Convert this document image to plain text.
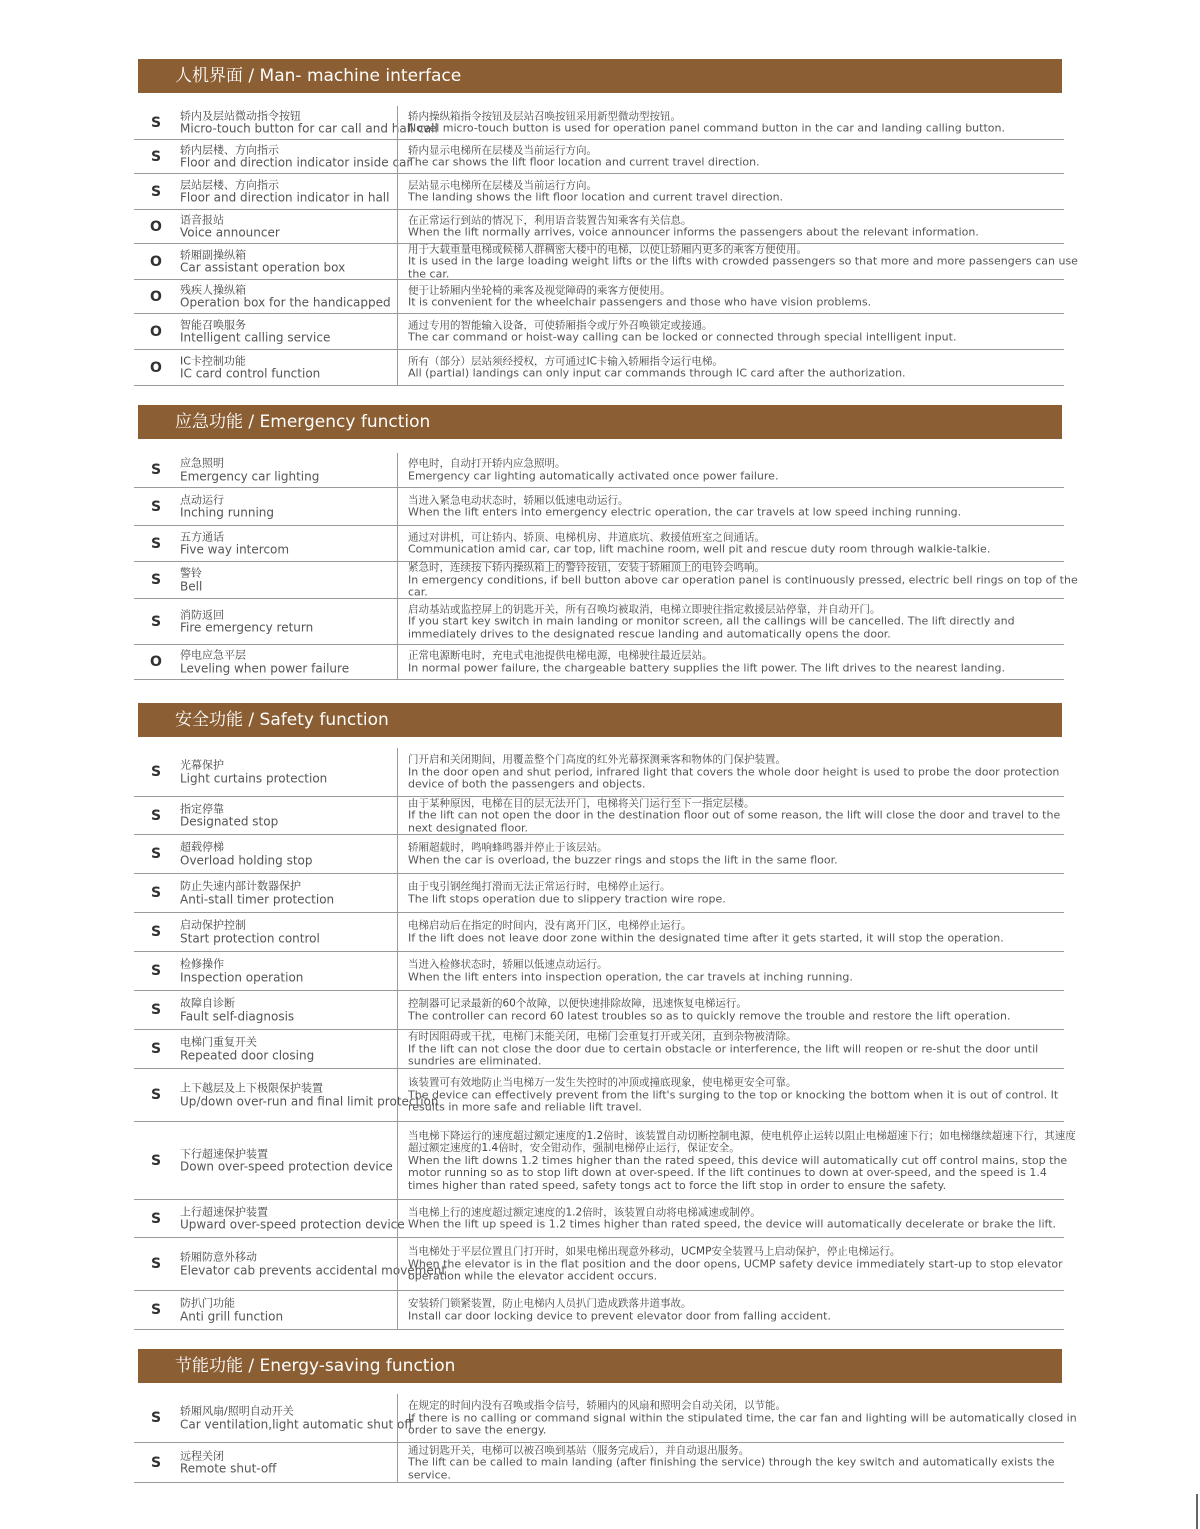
人机界面 / Man- machine interface
S 轿内及层站微动指令按钮
Micro-touch button for car call and hall call
轿内操纵箱指令按钮及层站召唤按钮采用新型微动型按钮。
Novel micro-touch button is used for operation panel command button in the car and landing calling button.
S 轿内层楼、方向指示
Floor and direction indicator inside car
轿内显示电梯所在层楼及当前运行方向。
The car shows the lift floor location and current travel direction.
S 层站层楼、方向指示
Floor and direction indicator in hall
层站显示电梯所在层楼及当前运行方向。
The landing shows the lift floor location and current travel direction.
O 语音报站
Voice announcer
在正常运行到站的情况下，利用语音装置告知乘客有关信息。
When the lift normally arrives, voice announcer informs the passengers about the relevant information.
O 轿厢副操纵箱
Car assistant operation box
用于大载重量电梯或候梯人群稠密大楼中的电梯，以使让轿厢内更多的乘客方便使用。
It is used in the large loading weight lifts or the lifts with crowded passengers so that more and more passengers can use the car.
O 残疾人操纵箱
Operation box for the handicapped
便于让轿厢内坐轮椅的乘客及视觉障碍的乘客方便使用。
It is convenient for the wheelchair passengers and those who have vision problems.
O 智能召唤服务
Intelligent calling service
通过专用的智能输入设备，可使轿厢指令或厅外召唤锁定或接通。
The car command or hoist-way calling can be locked or connected through special intelligent input.
O IC卡控制功能
IC card control function
所有（部分）层站须经授权，方可通过IC卡输入轿厢指令运行电梯。
All (partial) landings can only input car commands through IC card after the authorization.
应急功能 / Emergency function
S 应急照明
Emergency car lighting
停电时，自动打开轿内应急照明。
Emergency car lighting automatically activated once power failure.
S 点动运行
Inching running
当进入紧急电动状态时，轿厢以低速电动运行。
When the lift enters into emergency electric operation, the car travels at low speed inching running.
S 五方通话
Five way intercom
通过对讲机，可让轿内、轿顶、电梯机房、井道底坑、救援值班室之间通话。
Communication amid car, car top, lift machine room, well pit and rescue duty room through walkie-talkie.
S 警铃
Bell
紧急时，连续按下轿内操纵箱上的警铃按钮，安装于轿厢顶上的电铃会鸣响。
In emergency conditions, if bell button above car operation panel is continuously pressed, electric bell rings on top of the car.
S 消防返回
Fire emergency return
启动基站或监控屏上的钥匙开关，所有召唤均被取消，电梯立即驶往指定救援层站停靠，并自动开门。
If you start key switch in main landing or monitor screen, all the callings will be cancelled. The lift directly and immediately drives to the designated rescue landing and automatically opens the door.
O 停电应急平层
Leveling when power failure
正常电源断电时，充电式电池提供电梯电源，电梯驶往最近层站。
In normal power failure, the chargeable battery supplies the lift power. The lift drives to the nearest landing.
安全功能 / Safety function
S 光幕保护
Light curtains protection
门开启和关闭期间，用覆盖整个门高度的红外光幕探测乘客和物体的门保护装置。
In the door open and shut period, infrared light that covers the whole door height is used to probe the door protection device of both the passengers and objects.
S 指定停靠
Designated stop
由于某种原因，电梯在目的层无法开门，电梯将关门运行至下一指定层楼。
If the lift can not open the door in the destination floor out of some reason, the lift will close the door and travel to the next designated floor.
S 超载停梯
Overload holding stop
轿厢超载时，鸣响蜂鸣器并停止于该层站。
When the car is overload, the buzzer rings and stops the lift in the same floor.
S 防止失速内部计数器保护
Anti-stall timer protection
由于曳引钢丝绳打滑而无法正常运行时，电梯停止运行。
The lift stops operation due to slippery traction wire rope.
S 启动保护控制
Start protection control
电梯启动后在指定的时间内，没有离开门区，电梯停止运行。
If the lift does not leave door zone within the designated time after it gets started, it will stop the operation.
S 检修操作
Inspection operation
当进入检修状态时，轿厢以低速点动运行。
When the lift enters into inspection operation, the car travels at inching running.
S 故障自诊断
Fault self-diagnosis
控制器可记录最新的60个故障，以便快速排除故障，迅速恢复电梯运行。
The controller can record 60 latest troubles so as to quickly remove the trouble and restore the lift operation.
S 电梯门重复开关
Repeated door closing
有时因阻碍或干扰，电梯门未能关闭，电梯门会重复打开或关闭，直到杂物被清除。
If the lift can not close the door due to certain obstacle or interference, the lift will reopen or re-shut the door until sundries are eliminated.
S 上下越层及上下极限保护装置
Up/down over-run and final limit protection
该装置可有效地防止当电梯万一发生失控时的冲顶或撞底现象，使电梯更安全可靠。
The device can effectively prevent from the lift's surging to the top or knocking the bottom when it is out of control. It results in more safe and reliable lift travel.
S 下行超速保护装置
Down over-speed protection device
当电梯下降运行的速度超过额定速度的1.2倍时，该装置自动切断控制电源，使电机停止运转以阻止电梯超速下行；如电梯继续超速下行，其速度超过额定速度的1.4倍时，安全钳动作，强制电梯停止运行，保证安全。
When the lift downs 1.2 times higher than the rated speed, this device will automatically cut off control mains, stop the motor running so as to stop lift down at over-speed. If the lift continues to down at over-speed, and the speed is 1.4 times higher than rated speed, safety tongs act to force the lift stop in order to ensure the safety.
S 上行超速保护装置
Upward over-speed protection device
当电梯上行的速度超过额定速度的1.2倍时，该装置自动将电梯减速或制停。
When the lift up speed is 1.2 times higher than rated speed, the device will automatically decelerate or brake the lift.
S 轿厢防意外移动
Elevator cab prevents accidental movement
当电梯处于平层位置且门打开时，如果电梯出现意外移动，UCMP安全装置马上启动保护，停止电梯运行。
When the elevator is in the flat position and the door opens, UCMP safety device immediately start-up to stop elevator operation while the elevator accident occurs.
S 防扒门功能
Anti grill function
安装轿门锁紧装置，防止电梯内人员扒门造成跌落井道事故。
Install car door locking device to prevent elevator door from falling accident.
节能功能 / Energy-saving function
S 轿厢风扇/照明自动开关
Car ventilation,light automatic shut off
在规定的时间内没有召唤或指令信号，轿厢内的风扇和照明会自动关闭，以节能。
If there is no calling or command signal within the stipulated time, the car fan and lighting will be automatically closed in order to save the energy.
S 远程关闭
Remote shut-off
通过钥匙开关，电梯可以被召唤到基站（服务完成后），并自动退出服务。
The lift can be called to main landing (after finishing the service) through the key switch and automatically exists the service.
